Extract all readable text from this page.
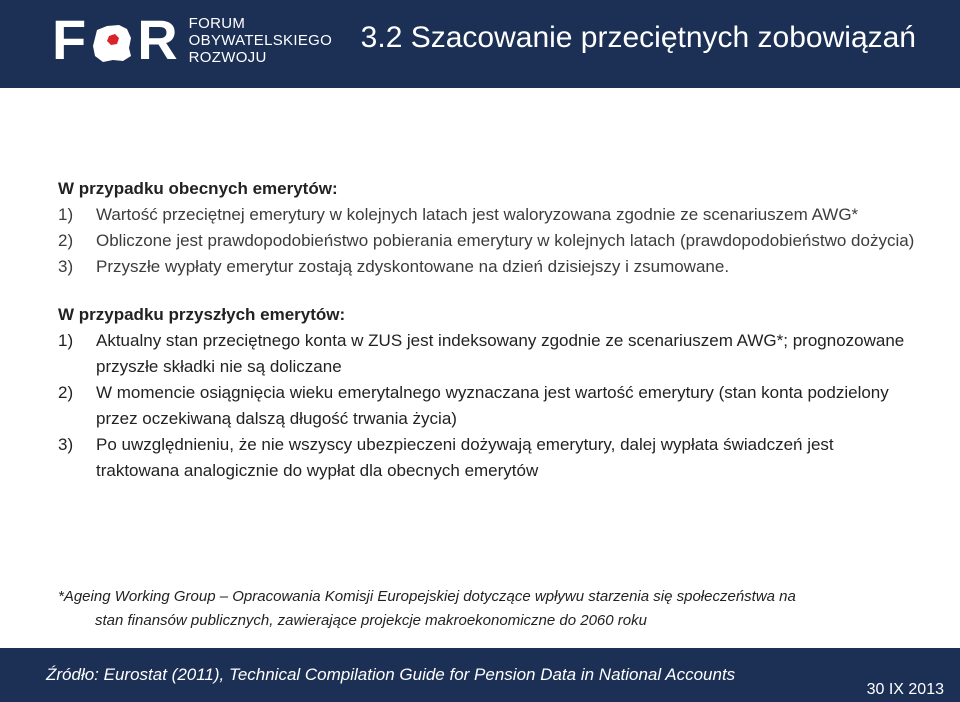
F R FORUM
OBYWATELSKIEGO
ROZWOJU
3.2 Szacowanie przeciętnych zobowiązań
W przypadku obecnych emerytów:
1) Wartość przeciętnej emerytury w kolejnych latach jest waloryzowana zgodnie ze scenariuszem AWG*
2) Obliczone jest prawdopodobieństwo pobierania emerytury w kolejnych latach (prawdopodobieństwo dożycia)
3) Przyszłe wypłaty emerytur zostają zdyskontowane na dzień dzisiejszy i zsumowane.
W przypadku przyszłych emerytów:
1) Aktualny stan przeciętnego konta w ZUS jest indeksowany zgodnie ze scenariuszem AWG*; prognozowane przyszłe składki nie są doliczane
2) W momencie osiągnięcia wieku emerytalnego wyznaczana jest wartość emerytury (stan konta podzielony przez oczekiwaną dalszą długość trwania życia)
3) Po uwzględnieniu, że nie wszyscy ubezpieczeni dożywają emerytury, dalej wypłata świadczeń jest traktowana analogicznie do wypłat dla obecnych emerytów
*Ageing Working Group – Opracowania Komisji Europejskiej dotyczące wpływu starzenia się społeczeństwa na
stan finansów publicznych, zawierające projekcje makroekonomiczne do 2060 roku
Źródło: Eurostat (2011), Technical Compilation Guide for Pension Data in National Accounts
30 IX 2013
